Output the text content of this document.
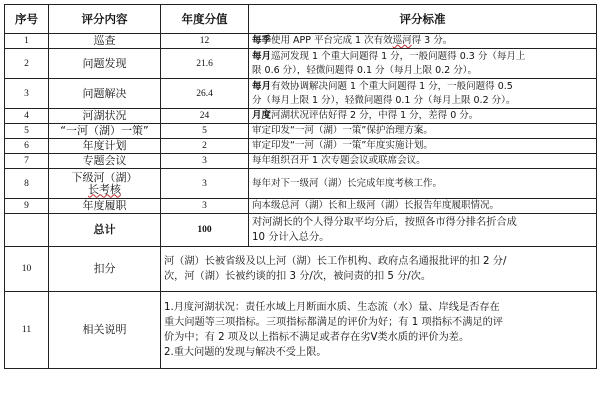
序号	评分内容	年度分值	评分标准
1	巡查	12	每季使用 APP 平台完成 1 次有效巡河得 3 分。
2	问题发现	21.6	每月巡河发现 1 个重大问题得 1 分，一般问题得 0.3 分（每月上
限 0.6 分），轻微问题得 0.1 分（每月上限 0.2 分）。

3	问题解决	26.4	每月有效协调解决问题 1 个重大问题得 1 分，一般问题得 0.5
分（每月上限 1 分），轻微问题得 0.1 分（每月上限 0.2 分）。

4	河湖状况	24	月度河湖状况评估好得 2 分，中得 1 分，差得 0 分。
5	“一河（湖）一策”	5	审定印发“一河（湖）一策”保护治理方案。
6	年度计划	2	审定印发“一河（湖）一策”年度实施计划。
7	专题会议	3	每年组织召开 1 次专题会议或联席会议。
8	下级河（湖）
长考核	3	每年对下一级河（湖）长完成年度考核工作。
9	年度履职	3	向本级总河（湖）长和上级河（湖）长报告年度履职情况。
	总计	100	对河湖长的个人得分取平均分后，按照各市得分排名折合成
10 分计入总分。

10	扣分	河（湖）长被省级及以上河（湖）长工作机构、政府点名通报批评的扣 2 分/
次，河（湖）长被约谈的扣 3 分/次，被问责的扣 5 分/次。	

11	相关说明	1.月度河湖状况：责任水域上月断面水质、生态流（水）量、岸线是否存在
重大问题等三项指标。三项指标都满足的评价为好；有 1 项指标不满足的评
价为中；有 2 项及以上指标不满足或者存在劣Ⅴ类水质的评价为差。
2.重大问题的发现与解决不受上限。	
